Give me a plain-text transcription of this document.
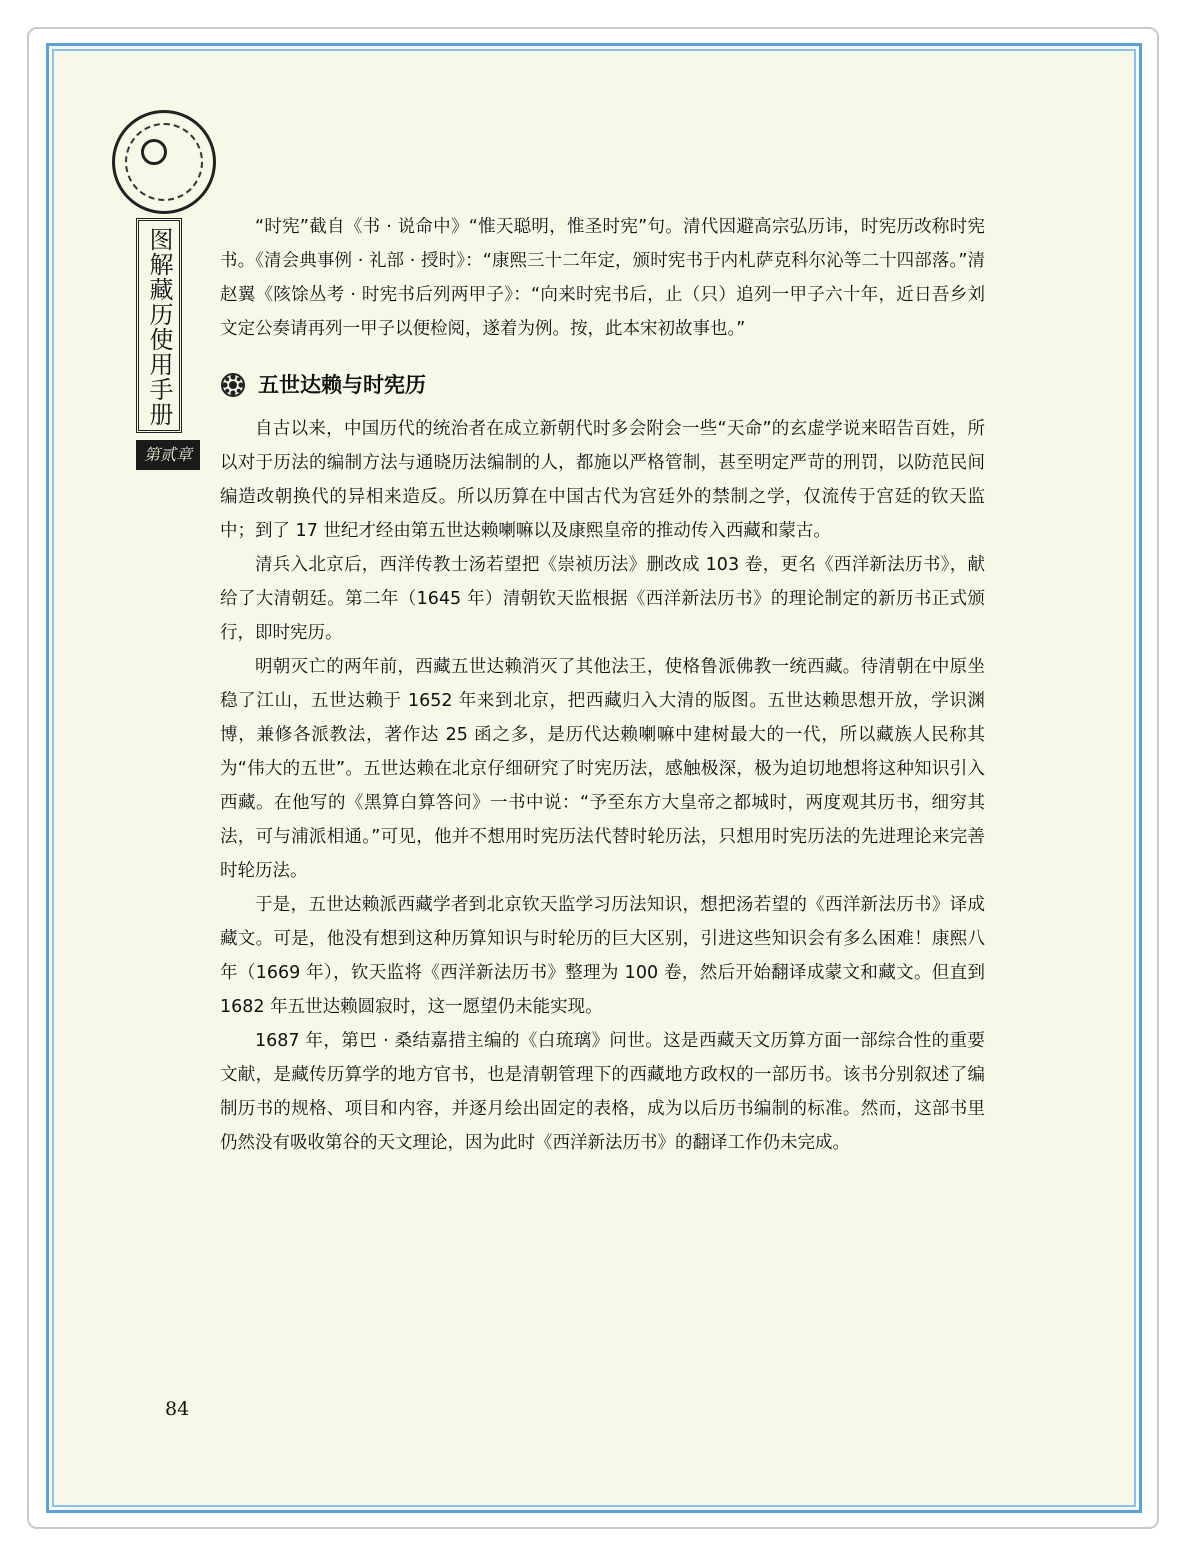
图解藏历使用手册
第贰章

“时宪”截自《书 · 说命中》“惟天聪明，惟圣时宪”句。清代因避高宗弘历讳，时宪历改称时宪书。《清会典事例 · 礼部 · 授时》：“康熙三十二年定，颁时宪书于内札萨克科尔沁等二十四部落。”清赵翼《陔馀丛考 · 时宪书后列两甲子》：“向来时宪书后，止（只）追列一甲子六十年，近日吾乡刘文定公奏请再列一甲子以便检阅，遂着为例。按，此本宋初故事也。”

五世达赖与时宪历

自古以来，中国历代的统治者在成立新朝代时多会附会一些“天命”的玄虚学说来昭告百姓，所以对于历法的编制方法与通晓历法编制的人，都施以严格管制，甚至明定严苛的刑罚，以防范民间编造改朝换代的异相来造反。所以历算在中国古代为宫廷外的禁制之学，仅流传于宫廷的钦天监中；到了 17 世纪才经由第五世达赖喇嘛以及康熙皇帝的推动传入西藏和蒙古。

清兵入北京后，西洋传教士汤若望把《崇祯历法》删改成 103 卷，更名《西洋新法历书》，献给了大清朝廷。第二年（1645 年）清朝钦天监根据《西洋新法历书》的理论制定的新历书正式颁行，即时宪历。

明朝灭亡的两年前，西藏五世达赖消灭了其他法王，使格鲁派佛教一统西藏。待清朝在中原坐稳了江山，五世达赖于 1652 年来到北京，把西藏归入大清的版图。五世达赖思想开放，学识渊博，兼修各派教法，著作达 25 函之多，是历代达赖喇嘛中建树最大的一代，所以藏族人民称其为“伟大的五世”。五世达赖在北京仔细研究了时宪历法，感触极深，极为迫切地想将这种知识引入西藏。在他写的《黑算白算答问》一书中说：“予至东方大皇帝之都城时，两度观其历书，细穷其法，可与浦派相通。”可见，他并不想用时宪历法代替时轮历法，只想用时宪历法的先进理论来完善时轮历法。

于是，五世达赖派西藏学者到北京钦天监学习历法知识，想把汤若望的《西洋新法历书》译成藏文。可是，他没有想到这种历算知识与时轮历的巨大区别，引进这些知识会有多么困难！康熙八年（1669 年），钦天监将《西洋新法历书》整理为 100 卷，然后开始翻译成蒙文和藏文。但直到 1682 年五世达赖圆寂时，这一愿望仍未能实现。

1687 年，第巴 · 桑结嘉措主编的《白琉璃》问世。这是西藏天文历算方面一部综合性的重要文献，是藏传历算学的地方官书，也是清朝管理下的西藏地方政权的一部历书。该书分别叙述了编制历书的规格、项目和内容，并逐月绘出固定的表格，成为以后历书编制的标准。然而，这部书里仍然没有吸收第谷的天文理论，因为此时《西洋新法历书》的翻译工作仍未完成。

84
